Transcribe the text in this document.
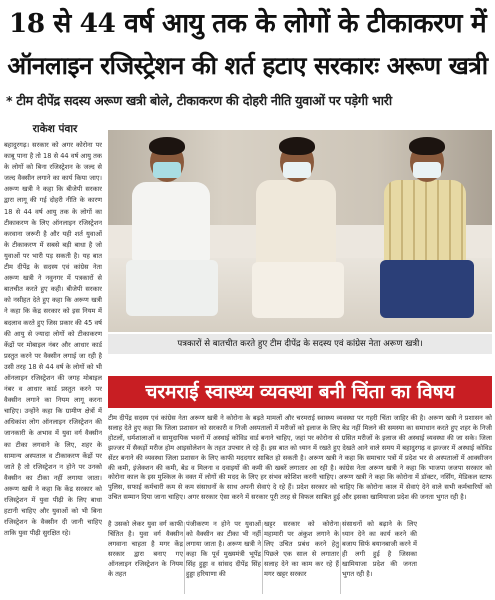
18 से 44 वर्ष आयु तक के लोगों के टीकाकरण में
ऑनलाइन रजिस्ट्रेशन की शर्त हटाए सरकारः अरूण खत्री
* टीम दीपेंद्र सदस्य अरूण खत्री बोले, टीकाकरण की दोहरी नीति युवाओं पर पड़ेगी भारी
राकेश पंवार
बहादुरगढ़। सरकार को अगर कोरोना पर काबू पाना है तो 18 से 44 वर्ष आयु तक के लोगों को बिना रजिस्ट्रेशन के जल्द से जल्द वैक्सीन लगाने का कार्य किया जाए। अरूण खत्री ने कहा कि बीजेपी सरकार द्वारा लागू की गई दोहरी नीति के कारण 18 से 44 वर्ष आयु तक के लोगों का टीकाकरण के लिए ऑनलाइन रजिस्ट्रेशन करवाना जरूरी है और यही शर्त युवाओं के टीकाकरण में सबसे बड़ी बाधा है जो युवाओं पर भारी पड़ सकती है। यह बात टीम दीपेंद्र के सदस्य एवं कांग्रेस नेता अरूण खत्री ने नवुनगर में पत्रकारों से बातचीत करते हुए कही। बीजेपी सरकार को नसीहत देते हुए कहा कि अरूण खत्री ने कहा कि केंद्र सरकार को इस नियम में बदलाव करते हुए जिस प्रकार की 45 वर्ष की आयु से ज्यादा लोगों को टीकाकरण केंद्रों पर मोबाइल नंबर और आधार कार्ड प्रस्तुत करने पर वैक्सीन लगाई जा रही है उसी तरह 18 से 44 वर्ष के लोगों को भी ऑनलाइन रजिस्ट्रेशन की जगह मोबाइल नंबर व आधार कार्ड प्रस्तुत करने पर वैक्सीन लगाने का नियम लागू करना चाहिए। उन्होंने कहा कि ग्रामीण क्षेत्रों में अधिकांश लोग ऑनलाइन रजिस्ट्रेशन की जानकारी के अभाव में युवा वर्ग वैक्सीन का टीका लगवाने के लिए, शहर के सामान्य अस्पताल व टीकाकरण केंद्रों पर जाते है तो रजिस्ट्रेशन न होने पर उनको वैक्सीन का टीका नहीं लगाया जाता। अरूण खत्री ने कहा कि केंद्र सरकार को रजिस्ट्रेशन में युवा पीढ़ी के लिए बाधा हटानी चाहिए और युवाओं को भी बिना रजिस्ट्रेशन के वैक्सीन दी जानी चाहिए ताकि युवा पीढ़ी सुरक्षित रहे।
पत्रकारों से बातचीत करते हुए टीम दीपेंद्र के सदस्य एवं कांग्रेस नेता अरूण खत्री।
चरमराई स्वास्थ्य व्यवस्था बनी चिंता का विषय
टीम दीपेंद्र सदस्य एवं कांग्रेस नेता अरूण खत्री ने कोरोना के बढ़ते मामलों और चरमराई स्वास्थ्य व्यवस्था पर गहरी चिंता जाहिर की है। अरूण खत्री ने प्रशासन को सलाह देते हुए कहा कि जिला प्रशासन को सरकारी व निजी अस्पतालों में मरीजों को इलाज के लिए बेड नहीं मिलने की समस्या का समाधान करते हुए शहर के निजी होटलों, धर्मशालाओं व सामुदायिक भवनों में अस्थाई कोविड वार्ड बनाने चाहिए, जहां पर कोरोना से ग्रसित मरीजों के इलाज की अस्थाई व्यवस्था की जा सके। जिला झज्जर में सैकड़ों मरीज होम आइसोलेशन के तहत उपचार ले रहे हैं। इस बात को ध्यान में रखते हुए देखते आने वाले समय में बहादुरगढ़ व झज्जर में अस्थाई कोविड सेंटर बनाने की व्यवस्था जिला प्रशासन के लिए काफी मददगार साबित हो सकती है। अरूण खत्री ने कहा कि समाचार पत्रों में प्रदेश भर से अस्पतालों में आक्सीजन की कमी, इंजेक्शन की कमी, बेड व मिलना व दवाइयों की कमी की खबरें लगातार आ रही है। कांग्रेस नेता अरूण खत्री ने कहा कि भाजपा जजपा सरकार को कोरोना काल के इस मुश्किल के वक्त में लोगों की मदद के लिए हर संभव कोशिश करनी चाहिए। अरूण खत्री ने कहा कि कोरोना में डॉक्टर, नर्सिंग, मेडिकल स्टाफ पुलिस, सफाई कर्मचारी कम से कम संसाधनों के साथ अपनी सेवाएं दे रहे हैं। प्रदेश सरकार को चाहिए कि कोरोना काल में सेवाएं देने वाले सभी कर्मचारियों को उचित सम्मान दिया जाना चाहिए। अगर सरकार ऐसा करने में सरकार पूरी तरह से विफल साबित हुई और इसका खामियाजा प्रदेश की जनता भुगत रही है।
है उसको लेकर युवा वर्ग काफी चिंतित है। युवा वर्ग वैक्सीन लगवाना चाहता है मगर केंद्र सरकार द्वारा बनाए गए ऑनलाइन रजिस्ट्रेशन के नियम के तहत
पंजीकरण न होने पर युवाओं को वैक्सीन का टीका भी नहीं लगाया जाता है। अरूण खत्री ने कहा कि पूर्व मुख्यमंत्री भूपेंद्र सिंह हुड्डा व सांसद दीपेंद्र सिंह हुड्डा हरियाणा की
खट्टर सरकार को कोरोना महामारी पर अंकुश लगाने के लिए उचित प्रबंध करने हेतु पिछले एक साल से लगातार सलाह देने का काम कर रहे हैं मगर खट्टर सरकार
संसाधनों को बढ़ाने के लिए ध्यान देने का कार्य करने की बजाय सिर्फ बयानबाजी करने में ही लगी हुई है जिसका खामियाजा प्रदेश की जनता भुगत रही है।
